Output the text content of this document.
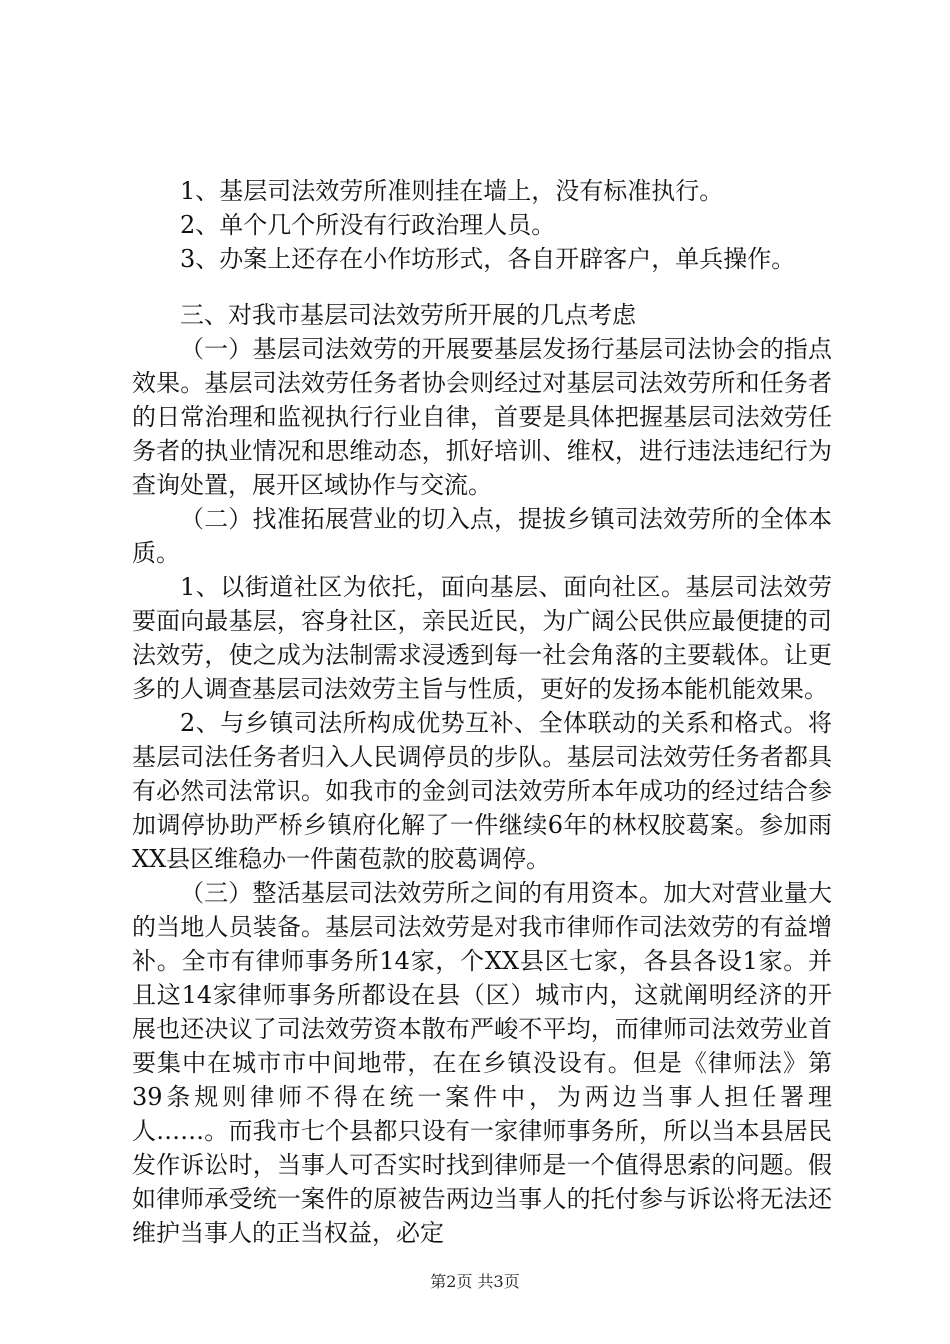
1、基层司法效劳所准则挂在墙上，没有标准执行。

2、单个几个所没有行政治理人员。

3、办案上还存在小作坊形式，各自开辟客户，单兵操作。

三、对我市基层司法效劳所开展的几点考虑

（一）基层司法效劳的开展要基层发扬行基层司法协会的指点效果。基层司法效劳任务者协会则经过对基层司法效劳所和任务者的日常治理和监视执行行业自律，首要是具体把握基层司法效劳任务者的执业情况和思维动态，抓好培训、维权，进行违法违纪行为查询处置，展开区域协作与交流。

（二）找准拓展营业的切入点，提拔乡镇司法效劳所的全体本质。

1、以街道社区为依托，面向基层、面向社区。基层司法效劳要面向最基层，容身社区，亲民近民，为广阔公民供应最便捷的司法效劳，使之成为法制需求浸透到每一社会角落的主要载体。让更多的人调查基层司法效劳主旨与性质，更好的发扬本能机能效果。

2、与乡镇司法所构成优势互补、全体联动的关系和格式。将基层司法任务者归入人民调停员的步队。基层司法效劳任务者都具有必然司法常识。如我市的金剑司法效劳所本年成功的经过结合参加调停协助严桥乡镇府化解了一件继续6年的林权胶葛案。参加雨XX县区维稳办一件菌苞款的胶葛调停。

（三）整活基层司法效劳所之间的有用资本。加大对营业量大的当地人员装备。基层司法效劳是对我市律师作司法效劳的有益增补。全市有律师事务所14家，个XX县区七家，各县各设1家。并且这14家律师事务所都设在县（区）城市内，这就阐明经济的开展也还决议了司法效劳资本散布严峻不平均，而律师司法效劳业首要集中在城市市中间地带，在在乡镇没设有。但是《律师法》第39条规则律师不得在统一案件中，为两边当事人担任署理人……。而我市七个县都只设有一家律师事务所，所以当本县居民发作诉讼时，当事人可否实时找到律师是一个值得思索的问题。假如律师承受统一案件的原被告两边当事人的托付参与诉讼将无法还维护当事人的正当权益，必定

第2页 共3页
